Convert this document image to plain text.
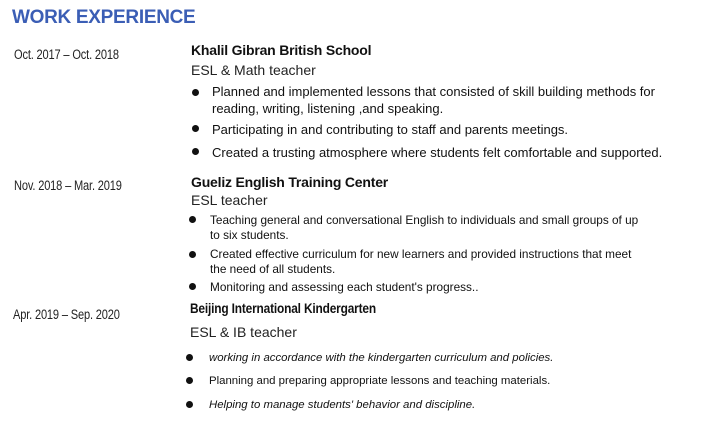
WORK EXPERIENCE
Oct. 2017 – Oct. 2018	Khalil Gibran British School
ESL & Math teacher
Planned and implemented lessons that consisted of skill building methods for
reading, writing, listening ,and speaking.
Participating in and contributing to staff and parents meetings.
Created a trusting atmosphere where students felt comfortable and supported.
Nov. 2018 – Mar. 2019	Gueliz English Training Center
ESL teacher
Teaching general and conversational English to individuals and small groups of up
to six students.
Created effective curriculum for new learners and provided instructions that meet
the need of all students.
Monitoring and assessing each student's progress..
Apr. 2019 – Sep. 2020	Beijing International Kindergarten
ESL & IB teacher
working in accordance with the kindergarten curriculum and policies.
Planning and preparing appropriate lessons and teaching materials.
Helping to manage students' behavior and discipline.
